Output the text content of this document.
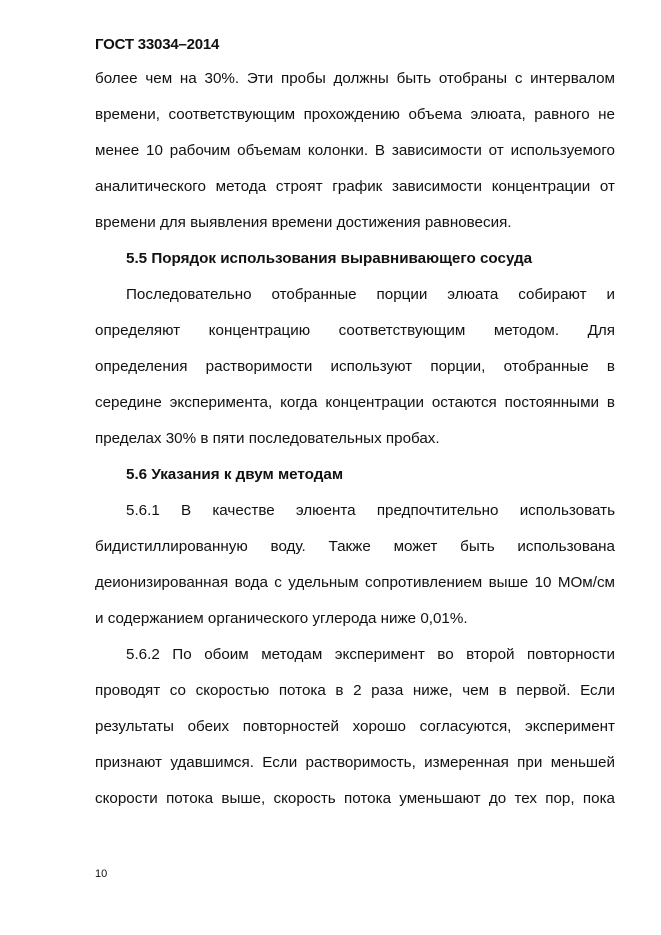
ГОСТ 33034–2014
более чем на 30%. Эти пробы должны быть отобраны с интервалом
времени, соответствующим прохождению объема элюата, равного не
менее 10 рабочим объемам колонки. В зависимости от используемого
аналитического метода строят график зависимости концентрации от
времени для выявления времени достижения равновесия.
5.5 Порядок использования выравнивающего сосуда
Последовательно отобранные порции элюата собирают и
определяют концентрацию соответствующим методом. Для
определения растворимости используют порции, отобранные в
середине эксперимента, когда концентрации остаются постоянными в
пределах 30% в пяти последовательных пробах.
5.6 Указания к двум методам
5.6.1 В качестве элюента предпочтительно использовать
бидистиллированную воду. Также может быть использована
деионизированная вода с удельным сопротивлением выше 10 МОм/см
и содержанием органического углерода ниже 0,01%.
5.6.2 По обоим методам эксперимент во второй повторности
проводят со скоростью потока в 2 раза ниже, чем в первой. Если
результаты обеих повторностей хорошо согласуются, эксперимент
признают удавшимся. Если растворимость, измеренная при меньшей
скорости потока выше, скорость потока уменьшают до тех пор, пока
10
